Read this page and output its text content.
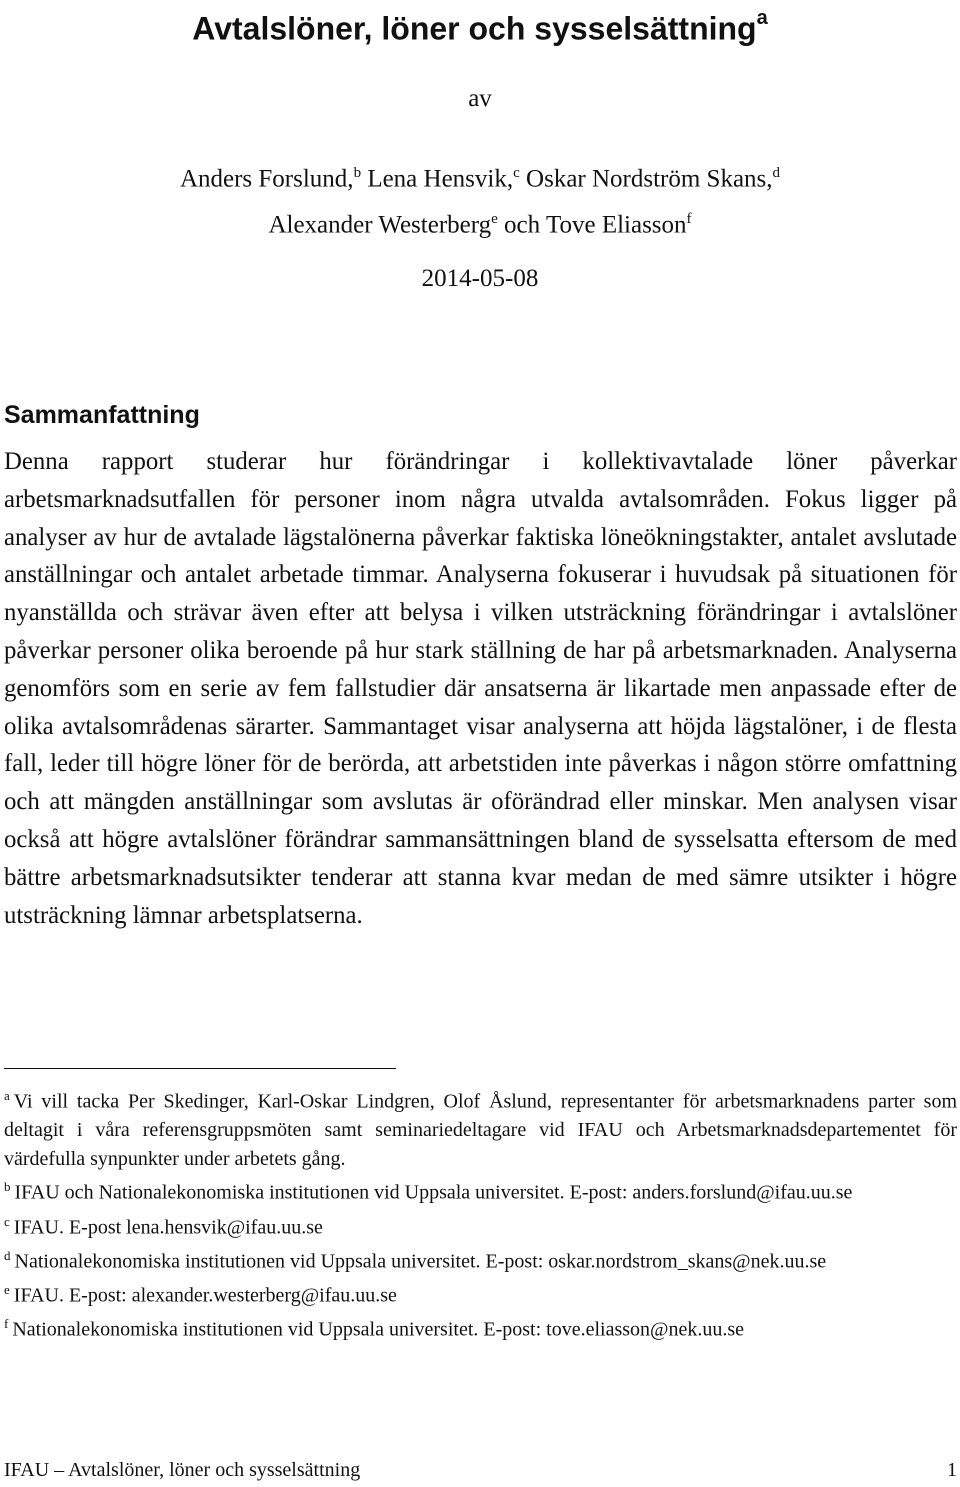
Avtalslöner, löner och sysselsättning$^a$
av
Anders Forslund,$^b$ Lena Hensvik,$^c$ Oskar Nordström Skans,$^d$
Alexander Westerberg$^e$ och Tove Eliasson$^f$
2014-05-08
Sammanfattning

Denna rapport studerar hur förändringar i kollektivavtalade löner påverkar arbetsmarknadsutfallen för personer inom några utvalda avtalsområden. Fokus ligger på analyser av hur de avtalade lägstalönerna påverkar faktiska löneökningstakter, antalet avslutade anställningar och antalet arbetade timmar. Analyserna fokuserar i huvudsak på situationen för nyanställda och strävar även efter att belysa i vilken utsträckning förändringar i avtalslöner påverkar personer olika beroende på hur stark ställning de har på arbetsmarknaden. Analyserna genomförs som en serie av fem fallstudier där ansatserna är likartade men anpassade efter de olika avtalsområdenas särarter. Sammantaget visar analyserna att höjda lägstalöner, i de flesta fall, leder till högre löner för de berörda, att arbetstiden inte påverkas i någon större omfattning och att mängden anställningar som avslutas är oförändrad eller minskar. Men analysen visar också att högre avtalslöner förändrar sammansättningen bland de sysselsatta eftersom de med bättre arbetsmarknadsutsikter tenderar att stanna kvar medan de med sämre utsikter i högre utsträckning lämnar arbetsplatserna.

$^a$ Vi vill tacka Per Skedinger, Karl-Oskar Lindgren, Olof Åslund, representanter för arbetsmarknadens parter som deltagit i våra referensgruppsmöten samt seminariedeltagare vid IFAU och Arbetsmarknadsdepartementet för värdefulla synpunkter under arbetets gång.

$^b$ IFAU och Nationalekonomiska institutionen vid Uppsala universitet. E-post: anders.forslund@ifau.uu.se

$^c$ IFAU. E-post lena.hensvik@ifau.uu.se

$^d$ Nationalekonomiska institutionen vid Uppsala universitet. E-post: oskar.nordstrom_skans@nek.uu.se

$^e$ IFAU. E-post: alexander.westerberg@ifau.uu.se

$^f$ Nationalekonomiska institutionen vid Uppsala universitet. E-post: tove.eliasson@nek.uu.se

IFAU – Avtalslöner, löner och sysselsättning	1
